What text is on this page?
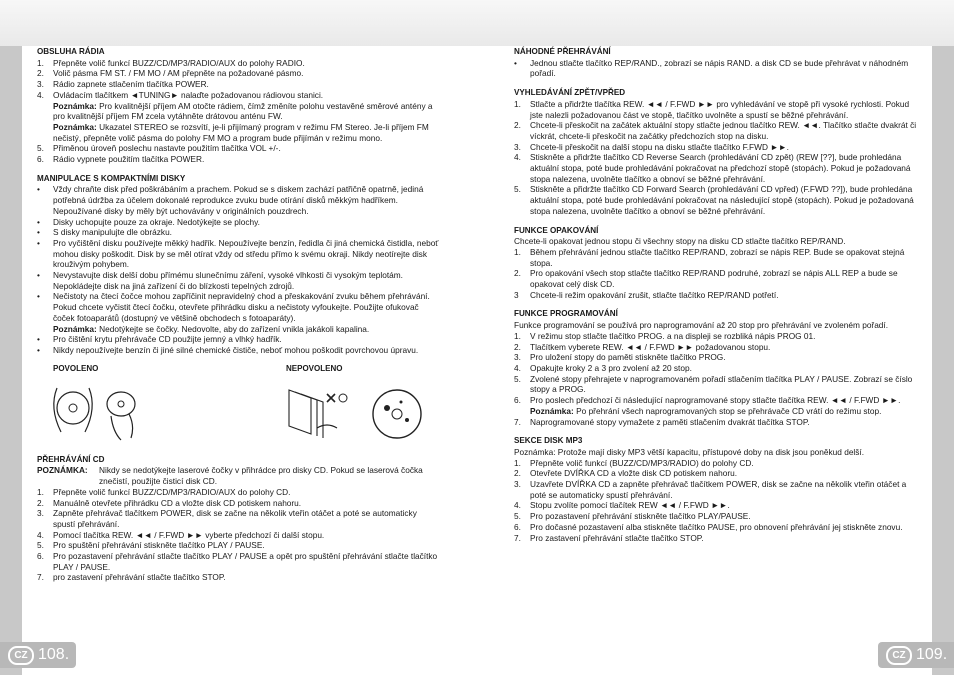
OBSLUHA RÁDIA
1. Přepněte volič funkcí BUZZ/CD/MP3/RADIO/AUX do polohy RADIO.
2. Volič pásma FM ST. / FM MO / AM přepněte na požadované pásmo.
3. Rádio zapnete stlačením tlačítka POWER.
4. Ovládacím tlačítkem ◄TUNING► nalaďte požadovanou rádiovou stanici.
Poznámka: Pro kvalitnější příjem AM otočte rádiem, čímž změníte polohu vestavěné směrové antény a pro kvalitnější příjem FM zcela vytáhněte drátovou anténu FW.
Poznámka: Ukazatel STEREO se rozsvítí, je-li přijímaný program v režimu FM Stereo. Je-li příjem FM nečistý, přepněte volič pásma do polohy FM MO a program bude přijímán v režimu mono.
5. Přiměnou úroveň poslechu nastavte použitím tlačítka VOL +/-.
6. Rádio vypnete použitím tlačítka POWER.
MANIPULACE S KOMPAKTNÍMI DISKY
• Vždy chraňte disk před poškrábáním a prachem. Pokud se s diskem zachází patřičně opatrně, jediná potřebná údržba za účelem dokonalé reprodukce zvuku bude otírání disků měkkým hadříkem. Nepoužívané disky by měly být uchovávány v originálních pouzdrech.
• Disky uchopujte pouze za okraje. Nedotýkejte se plochy.
• S disky manipulujte dle obrázku.
• Pro vyčištění disku používejte měkký hadřík. Nepoužívejte benzín, ředidla či jiná chemická čistidla, neboť mohou disky poškodit. Disk by se měl otírat vždy od středu přímo k svému okraji. Nikdy neotírejte disk krouživým pohybem.
• Nevystavujte disk delší dobu přímému slunečnímu záření, vysoké vlhkosti či vysokým teplotám. Nepokládejte disk na jiná zařízení či do blízkosti tepelných zdrojů.
• Nečistoty na čtecí čočce mohou zapříčinit nepravidelný chod a přeskakování zvuku během přehrávání. Pokud chcete vyčistit čtecí čočku, otevřete přihrádku disku a nečistoty vyfoukejte. Použijte ofukovač čoček fotoaparátů (dostupný ve většině obchodech s fotoaparáty).
Poznámka: Nedotýkejte se čočky. Nedovolte, aby do zařízení vnikla jakákoli kapalina.
• Pro čištění krytu přehrávače CD použijte jemný a vlhký hadřík.
• Nikdy nepoužívejte benzín či jiné silné chemické čističe, neboť mohou poškodit povrchovou úpravu.
POVOLENO	NEPOVOLENO
PŘEHRÁVÁNÍ CD
POZNÁMKA: Nikdy se nedotýkejte laserové čočky v přihrádce pro disky CD. Pokud se laserová čočka znečistí, použijte čisticí disk CD.
1. Přepněte volič funkcí BUZZ/CD/MP3/RADIO/AUX do polohy CD.
2. Manuálně otevřete přihrádku CD a vložte disk CD potiskem nahoru.
3. Zapněte přehrávač tlačítkem POWER, disk se začne na několik vteřin otáčet a poté se automaticky spustí přehrávání.
4. Pomocí tlačítka REW. ◄◄ / F.FWD ►► vyberte předchozí či další stopu.
5. Pro spuštění přehrávání stiskněte tlačítko PLAY / PAUSE.
6. Pro pozastavení přehrávání stlačte tlačítko PLAY / PAUSE a opět pro spuštění přehrávání stlačte tlačítko PLAY / PAUSE.
7. pro zastavení přehrávání stlačte tlačítko STOP.
NÁHODNÉ PŘEHRÁVÁNÍ
• Jednou stlačte tlačítko REP/RAND., zobrazí se nápis RAND. a disk CD se bude přehrávat v náhodném pořadí.
VYHLEDÁVÁNÍ ZPĚT/VPŘED
1. Stlačte a přidržte tlačítka REW. ◄◄ / F.FWD ►► pro vyhledávání ve stopě při vysoké rychlosti. Pokud jste nalezli požadovanou část ve stopě, tlačítko uvolněte a spustí se běžné přehrávání.
2. Chcete-li přeskočit na začátek aktuální stopy stlačte jednou tlačítko REW. ◄◄. Tlačítko stlačte dvakrát či víckrát, chcete-li přeskočit na začátky předchozích stop na disku.
3. Chcete-li přeskočit na další stopu na disku stlačte tlačítko F.FWD ►►.
4. Stiskněte a přidržte tlačítko CD Reverse Search (prohledávání CD zpět) (REW [??], bude prohledána aktuální stopa, poté bude prohledávání pokračovat na předchozí stopě (stopách). Pokud je požadovaná stopa nalezena, uvolněte tlačítko a obnoví se běžné přehrávání.
5. Stiskněte a přidržte tlačítko CD Forward Search (prohledávání CD vpřed) (F.FWD ??]), bude prohledána aktuální stopa, poté bude prohledávání pokračovat na následující stopě (stopách). Pokud je požadovaná stopa nalezena, uvolněte tlačítko a obnoví se běžné přehrávání.
FUNKCE OPAKOVÁNÍ
Chcete-li opakovat jednou stopu či všechny stopy na disku CD stlačte tlačítko REP/RAND.
1. Během přehrávání jednou stlačte tlačítko REP/RAND, zobrazí se nápis REP. Bude se opakovat stejná stopa.
2. Pro opakování všech stop stlačte tlačítko REP/RAND podruhé, zobrazí se nápis ALL REP a bude se opakovat celý disk CD.
3 Chcete-li režim opakování zrušit, stlačte tlačítko REP/RAND potřetí.
FUNKCE PROGRAMOVÁNÍ
Funkce programování se používá pro naprogramování až 20 stop pro přehrávání ve zvoleném pořadí.
1. V režimu stop stlačte tlačítko PROG. a na displeji se rozbliká nápis PROG 01.
2. Tlačítkem vyberete REW. ◄◄ / F.FWD ►► požadovanou stopu.
3. Pro uložení stopy do paměti stiskněte tlačítko PROG.
4. Opakujte kroky 2 a 3 pro zvolení až 20 stop.
5. Zvolené stopy přehrajete v naprogramovaném pořadí stlačením tlačítka PLAY / PAUSE. Zobrazí se číslo stopy a PROG.
6. Pro poslech předchozí či následující naprogramované stopy stlačte tlačítka REW. ◄◄ / F.FWD ►►.
Poznámka: Po přehrání všech naprogramovaných stop se přehrávače CD vrátí do režimu stop.
7. Naprogramované stopy vymažete z paměti stlačením dvakrát tlačítka STOP.
SEKCE DISK MP3
Poznámka: Protože mají disky MP3 větší kapacitu, přístupové doby na disk jsou poněkud delší.
1. Přepněte volič funkcí (BUZZ/CD/MP3/RADIO) do polohy CD.
2. Otevřete DVÍŘKA CD a vložte disk CD potiskem nahoru.
3. Uzavřete DVÍŘKA CD a zapněte přehrávač tlačítkem POWER, disk se začne na několik vteřin otáčet a poté se automaticky spustí přehrávání.
4. Stopu zvolíte pomocí tlačítek REW ◄◄ / F.FWD ►►.
5. Pro pozastavení přehrávání stiskněte tlačítko PLAY/PAUSE.
6. Pro dočasné pozastavení alba stiskněte tlačítko PAUSE, pro obnovení přehrávání jej stiskněte znovu.
7. Pro zastavení přehrávání stlačte tlačítko STOP.
CZ 108.	CZ 109.
